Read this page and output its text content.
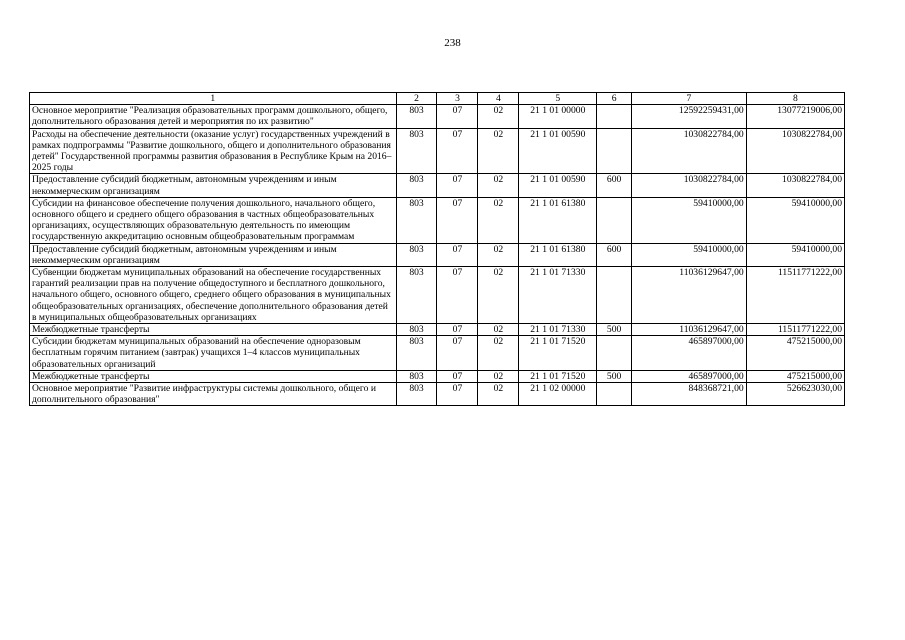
238
1	2	3	4	5	6	7	8
Основное мероприятие "Реализация образовательных программ дошкольного, общего, дополнительного образования детей и мероприятия по их развитию"	803	07	02	21 1 01 00000		12592259431,00	13077219006,00
Расходы на обеспечение деятельности (оказание услуг) государственных учреждений в рамках подпрограммы "Развитие дошкольного, общего и дополнительного образования детей" Государственной программы развития образования в Республике Крым на 2016–2025 годы	803	07	02	21 1 01 00590		1030822784,00	1030822784,00
Предоставление субсидий бюджетным, автономным учреждениям и иным некоммерческим организациям	803	07	02	21 1 01 00590	600	1030822784,00	1030822784,00
Субсидии на финансовое обеспечение получения дошкольного, начального общего, основного общего и среднего общего образования в частных общеобразовательных организациях, осуществляющих образовательную деятельность по имеющим государственную аккредитацию основным общеобразовательным программам	803	07	02	21 1 01 61380		59410000,00	59410000,00
Предоставление субсидий бюджетным, автономным учреждениям и иным некоммерческим организациям	803	07	02	21 1 01 61380	600	59410000,00	59410000,00
Субвенции бюджетам муниципальных образований на обеспечение государственных гарантий реализации прав на получение общедоступного и бесплатного дошкольного, начального общего, основного общего, среднего общего образования в муниципальных общеобразовательных организациях, обеспечение дополнительного образования детей в муниципальных общеобразовательных организациях	803	07	02	21 1 01 71330		11036129647,00	11511771222,00
Межбюджетные трансферты	803	07	02	21 1 01 71330	500	11036129647,00	11511771222,00
Субсидии бюджетам муниципальных образований на обеспечение одноразовым бесплатным горячим питанием (завтрак) учащихся 1–4 классов муниципальных образовательных организаций	803	07	02	21 1 01 71520		465897000,00	475215000,00
Межбюджетные трансферты	803	07	02	21 1 01 71520	500	465897000,00	475215000,00
Основное мероприятие "Развитие инфраструктуры системы дошкольного, общего и дополнительного образования"	803	07	02	21 1 02 00000		848368721,00	526623030,00
